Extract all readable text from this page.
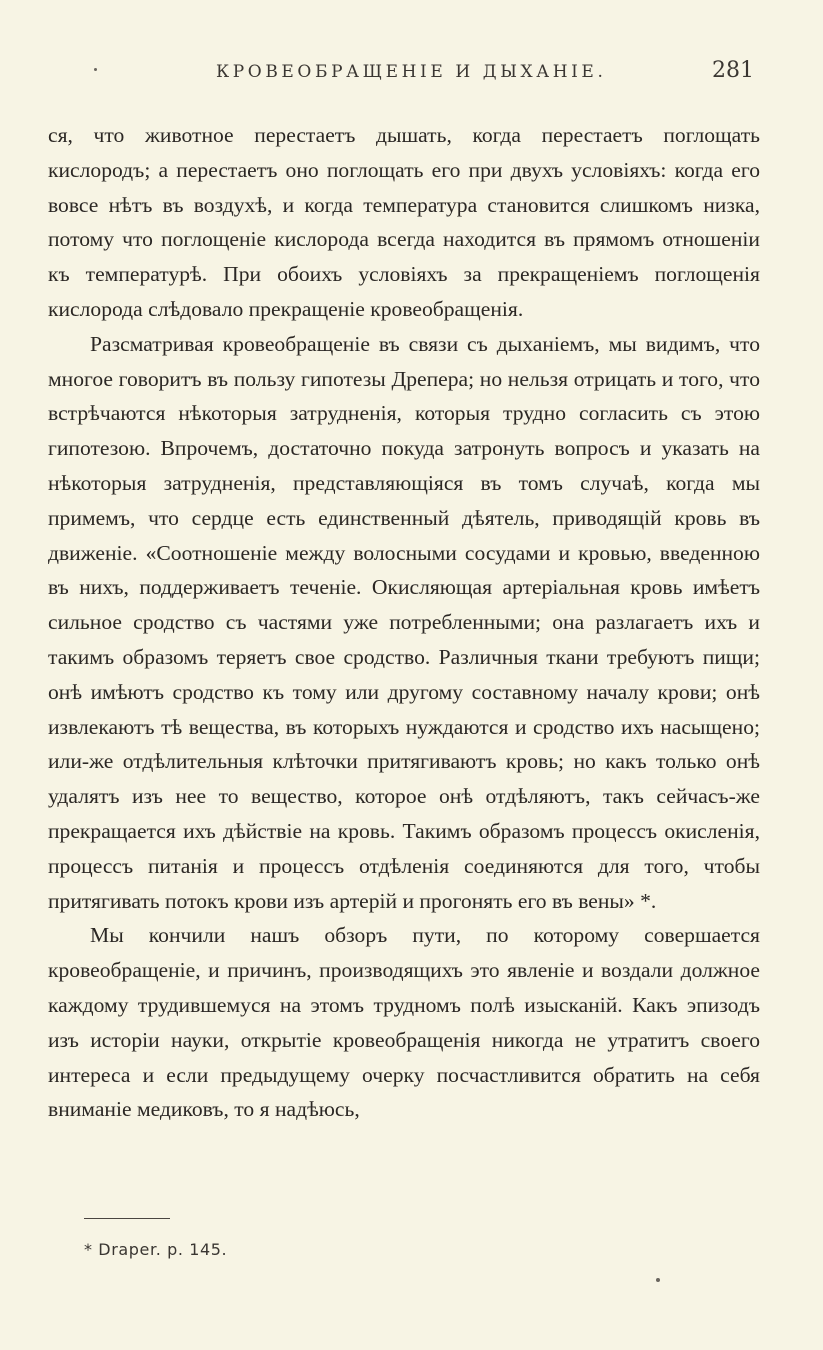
КРОВЕОБРАЩЕНІЕ И ДЫХАНІЕ.	281

ся, что животное перестаетъ дышать, когда перестаетъ поглощать кислородъ; а перестаетъ оно поглощать его при двухъ условіяхъ: когда его вовсе нѣтъ въ воздухѣ, и когда температура становится слишкомъ низка, потому что поглощеніе кислорода всегда находится въ прямомъ отношеніи къ температурѣ. При обоихъ условіяхъ за прекращеніемъ поглощенія кислорода слѣдовало прекращеніе кровеобращенія.

Разсматривая кровеобращеніе въ связи съ дыханіемъ, мы видимъ, что многое говоритъ въ пользу гипотезы Дрепера; но нельзя отрицать и того, что встрѣчаются нѣкоторыя затрудненія, которыя трудно согласить съ этою гипотезою. Впрочемъ, достаточно покуда затронуть вопросъ и указать на нѣкоторыя затрудненія, представляющіяся въ томъ случаѣ, когда мы примемъ, что сердце есть единственный дѣятель, приводящій кровь въ движеніе. «Соотношеніе между волосными сосудами и кровью, введенною въ нихъ, поддерживаетъ теченіе. Окисляющая артеріальная кровь имѣетъ сильное сродство съ частями уже потребленными; она разлагаетъ ихъ и такимъ образомъ теряетъ свое сродство. Различныя ткани требуютъ пищи; онѣ имѣютъ сродство къ тому или другому составному началу крови; онѣ извлекаютъ тѣ вещества, въ которыхъ нуждаются и сродство ихъ насыщено; или-же отдѣлительныя клѣточки притягиваютъ кровь; но какъ только онѣ удалятъ изъ нее то вещество, которое онѣ отдѣляютъ, такъ сейчасъ-же прекращается ихъ дѣйствіе на кровь. Такимъ образомъ процессъ окисленія, процессъ питанія и процессъ отдѣленія соединяются для того, чтобы притягивать потокъ крови изъ артерій и прогонять его въ вены» *.

Мы кончили нашъ обзоръ пути, по которому совершается кровеобращеніе, и причинъ, производящихъ это явленіе и воздали должное каждому трудившемуся на этомъ трудномъ полѣ изысканій. Какъ эпизодъ изъ исторіи науки, открытіе кровеобращенія никогда не утратитъ своего интереса и если предыдущему очерку посчастливится обратить на себя вниманіе медиковъ, то я надѣюсь,

* Draper. p. 145.
